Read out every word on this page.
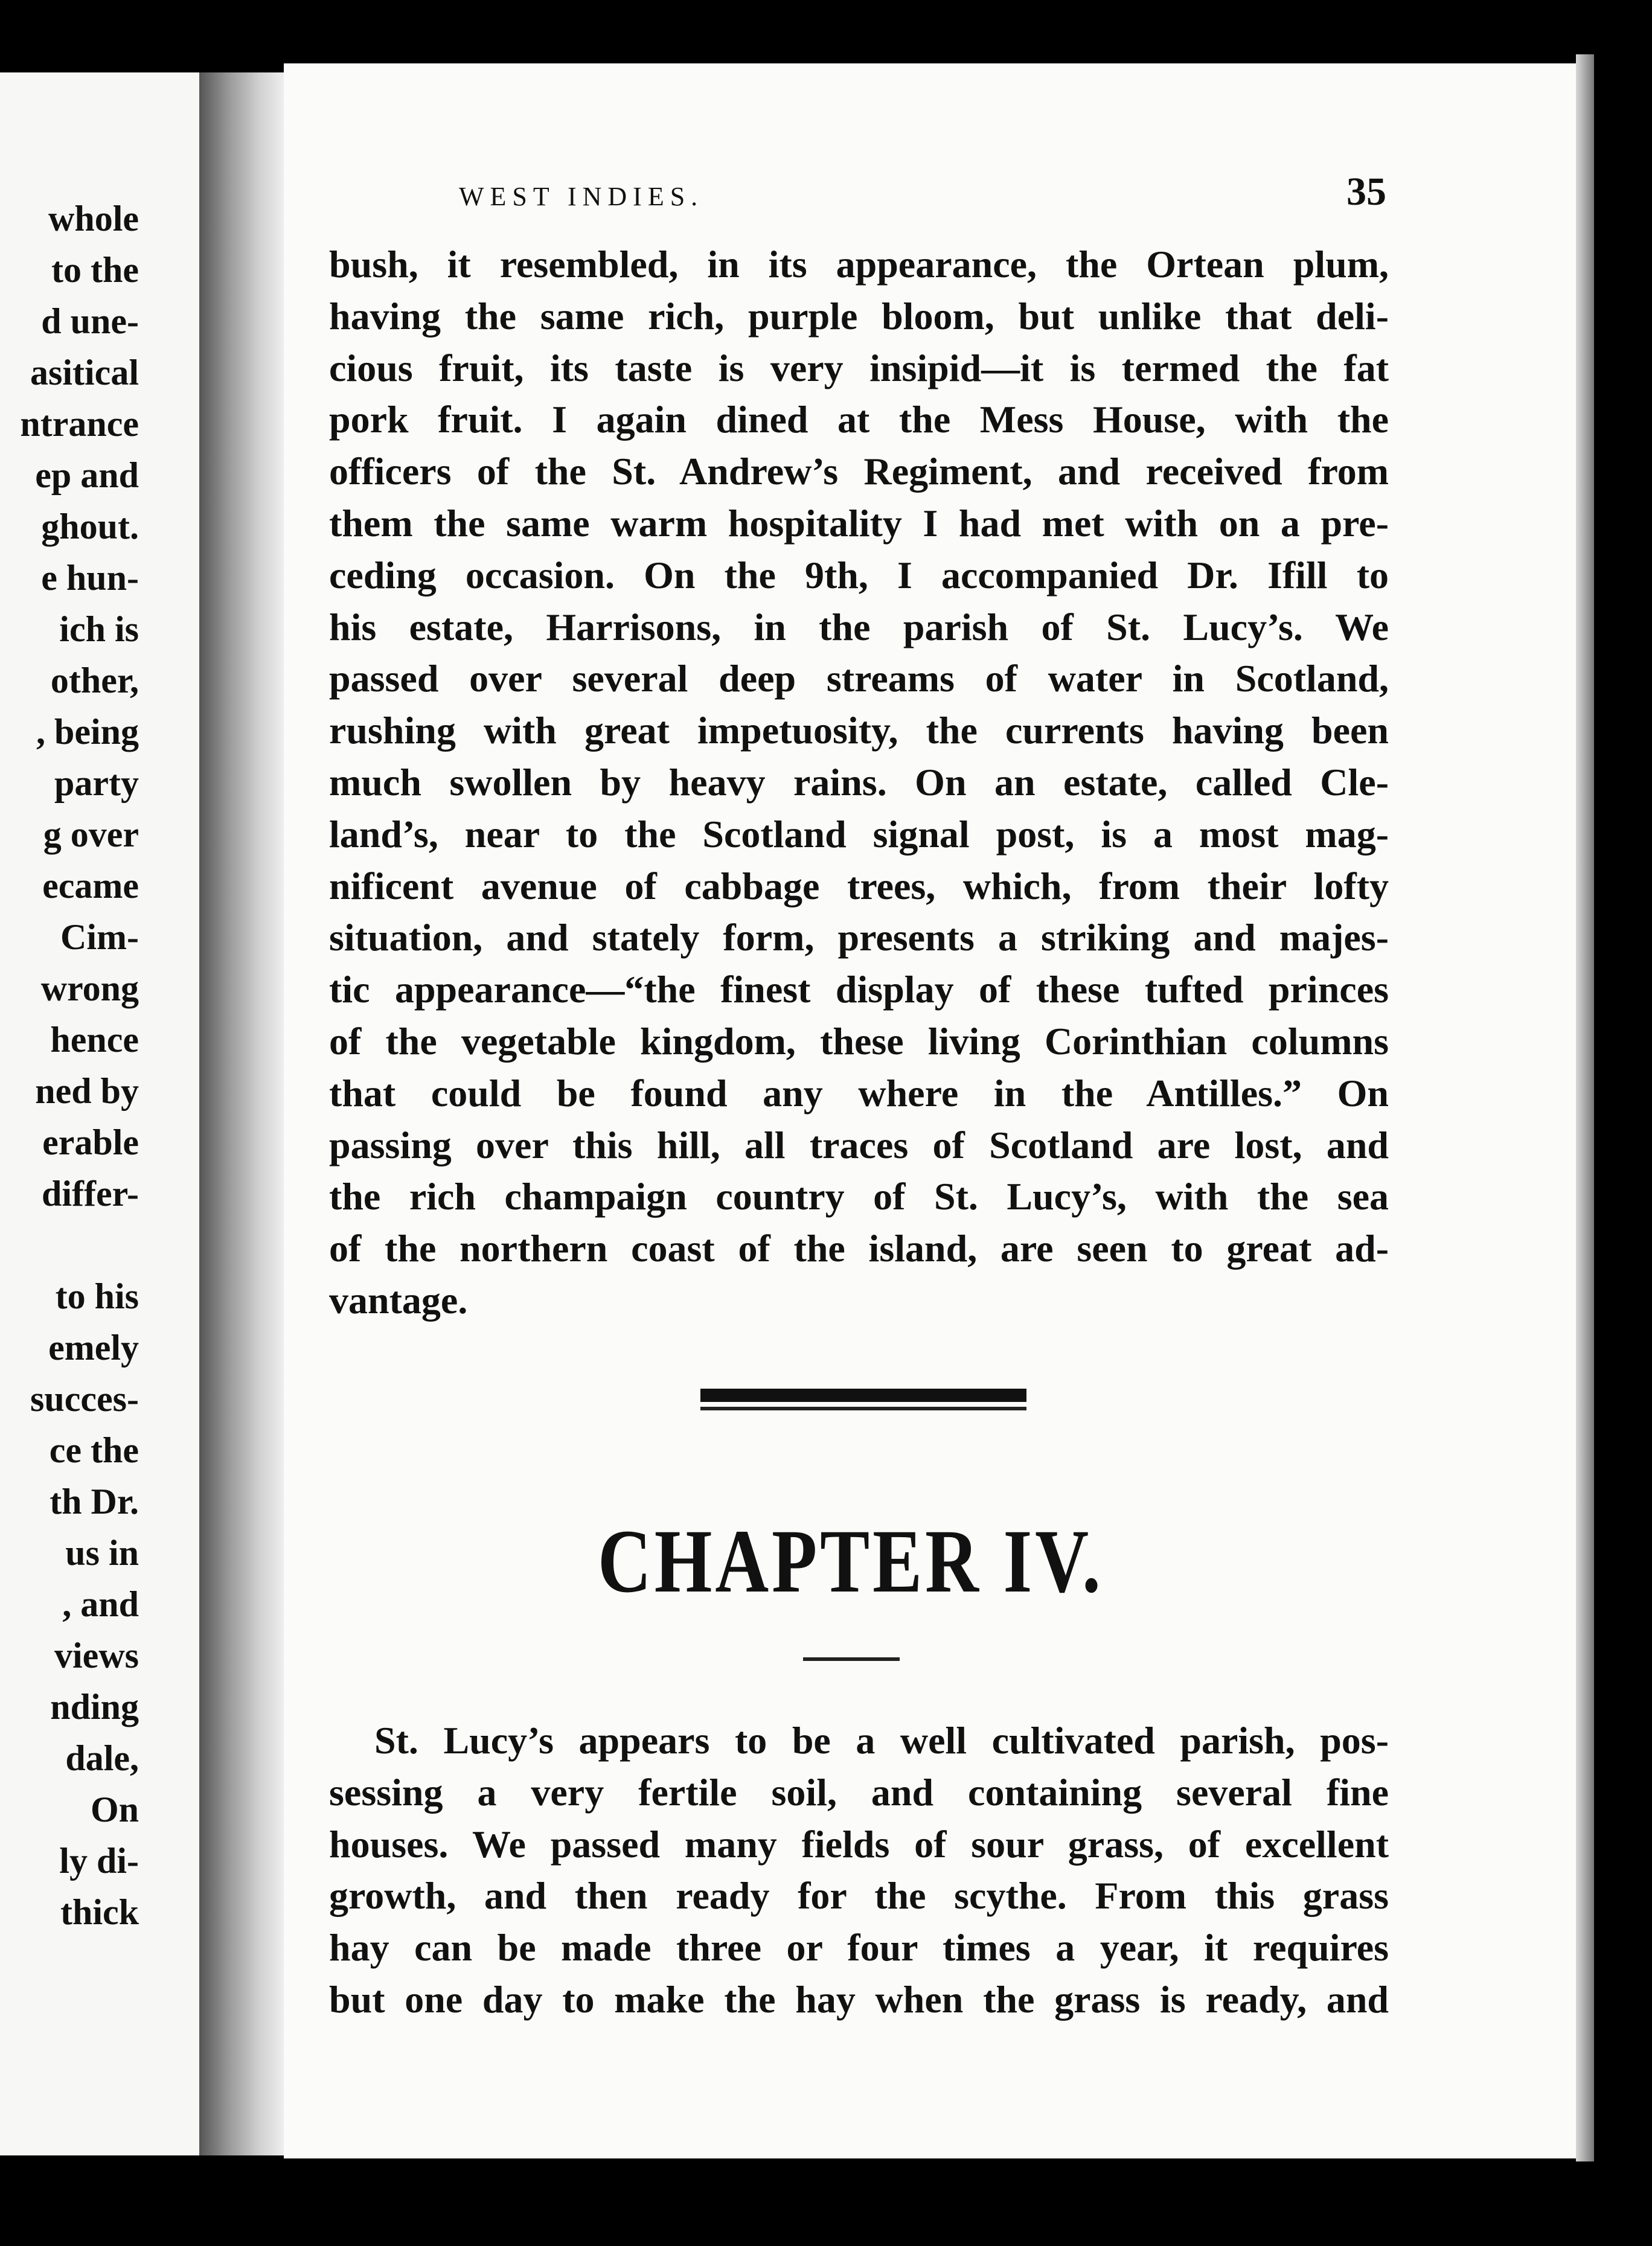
whole
to the
d une-
asitical
ntrance
ep and
ghout.
e hun-
ich is
other,
, being
party
g over
ecame
Cim-
wrong
hence
ned by
erable
differ-
to his
emely
succes-
ce the
th Dr.
us in
, and
views
nding
dale,
On
ly di-
thick
WEST INDIES.	35
bush, it resembled, in its appearance, the Ortean plum,
having the same rich, purple bloom, but unlike that deli-
cious fruit, its taste is very insipid—it is termed the fat
pork fruit. I again dined at the Mess House, with the
officers of the St. Andrew’s Regiment, and received from
them the same warm hospitality I had met with on a pre-
ceding occasion. On the 9th, I accompanied Dr. Ifill to
his estate, Harrisons, in the parish of St. Lucy’s. We
passed over several deep streams of water in Scotland,
rushing with great impetuosity, the currents having been
much swollen by heavy rains. On an estate, called Cle-
land’s, near to the Scotland signal post, is a most mag-
nificent avenue of cabbage trees, which, from their lofty
situation, and stately form, presents a striking and majes-
tic appearance—“the finest display of these tufted princes
of the vegetable kingdom, these living Corinthian columns
that could be found any where in the Antilles.” On
passing over this hill, all traces of Scotland are lost, and
the rich champaign country of St. Lucy’s, with the sea
of the northern coast of the island, are seen to great ad-
vantage.
CHAPTER IV.
St. Lucy’s appears to be a well cultivated parish, pos-
sessing a very fertile soil, and containing several fine
houses. We passed many fields of sour grass, of excellent
growth, and then ready for the scythe. From this grass
hay can be made three or four times a year, it requires
but one day to make the hay when the grass is ready, and
